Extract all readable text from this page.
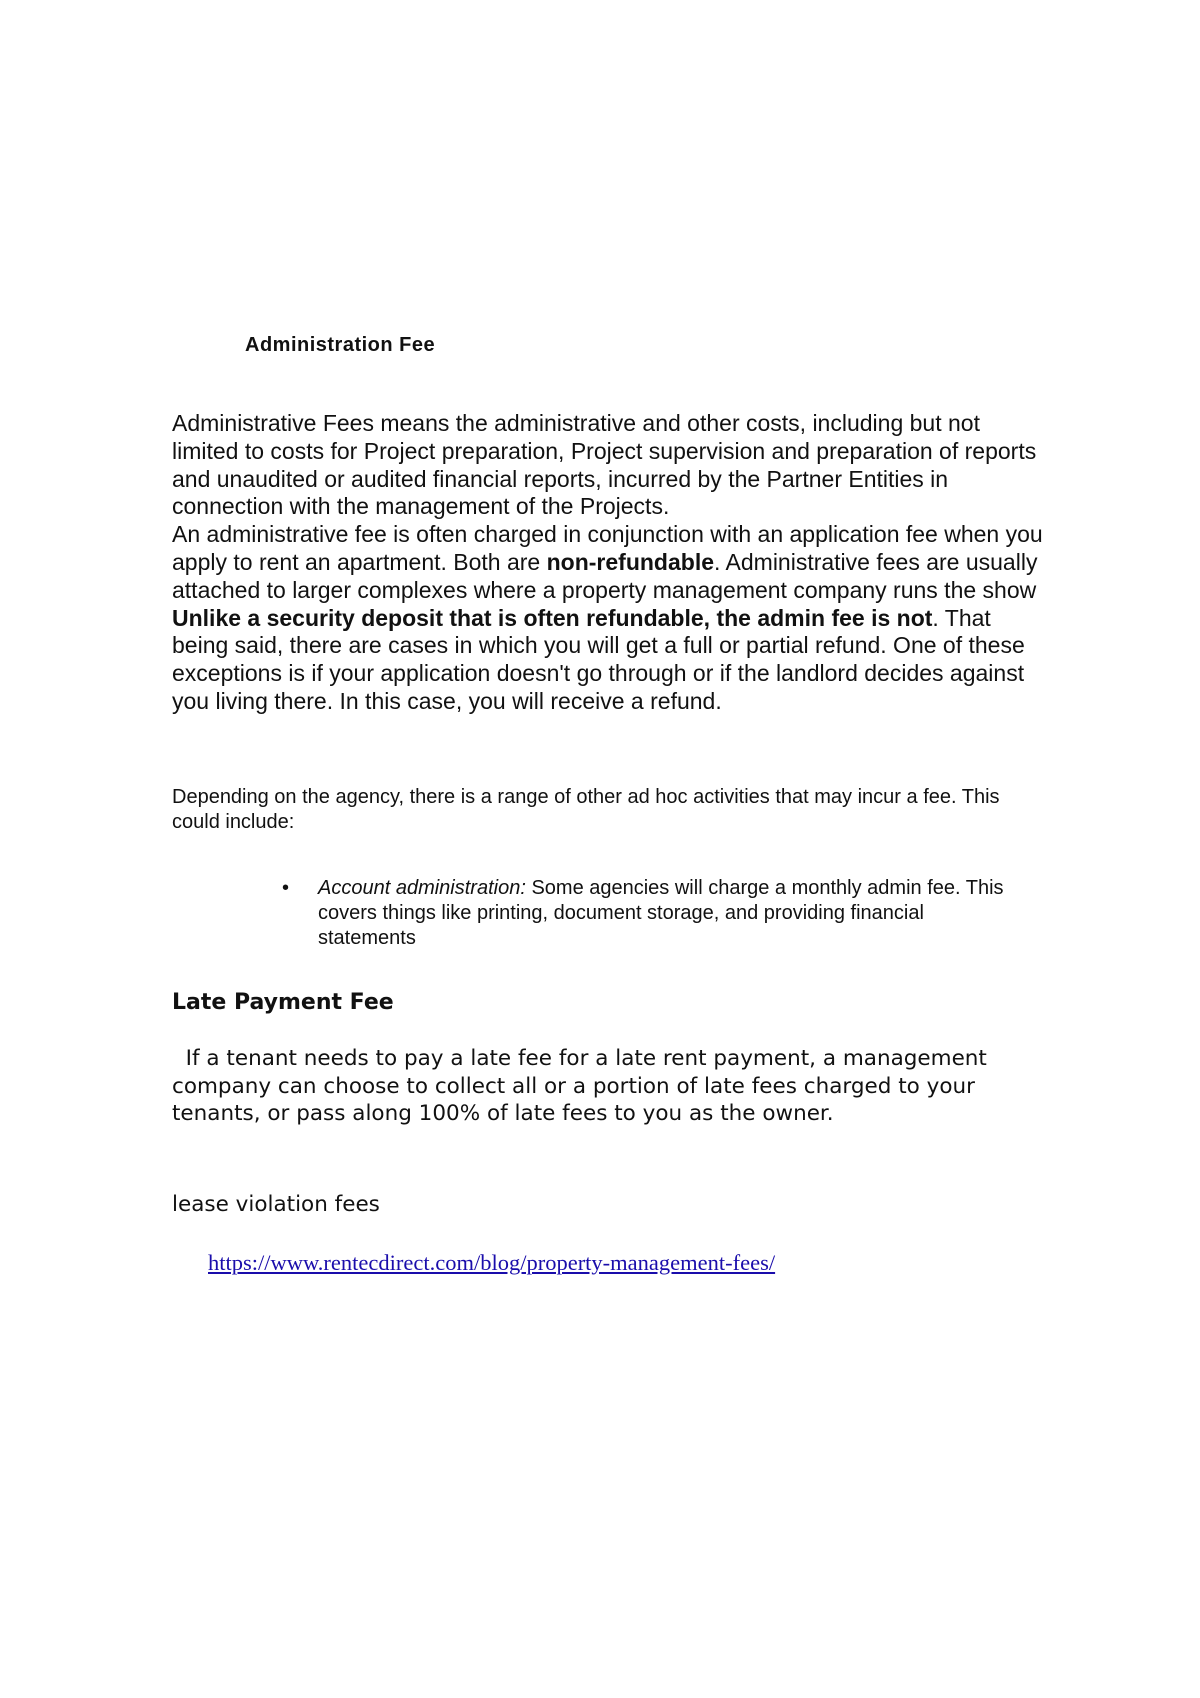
Administration Fee

Administrative Fees means the administrative and other costs, including but not limited to costs for Project preparation, Project supervision and preparation of reports and unaudited or audited financial reports, incurred by the Partner Entities in connection with the management of the Projects.

An administrative fee is often charged in conjunction with an application fee when you apply to rent an apartment. Both are non-refundable. Administrative fees are usually attached to larger complexes where a property management company runs the show

Unlike a security deposit that is often refundable, the admin fee is not. That being said, there are cases in which you will get a full or partial refund. One of these exceptions is if your application doesn't go through or if the landlord decides against you living there. In this case, you will receive a refund.

Depending on the agency, there is a range of other ad hoc activities that may incur a fee. This could include:

• Account administration: Some agencies will charge a monthly admin fee. This covers things like printing, document storage, and providing financial statements
Late Payment Fee

If a tenant needs to pay a late fee for a late rent payment, a management company can choose to collect all or a portion of late fees charged to your tenants, or pass along 100% of late fees to you as the owner.

lease violation fees
https://www.rentecdirect.com/blog/property-management-fees/
